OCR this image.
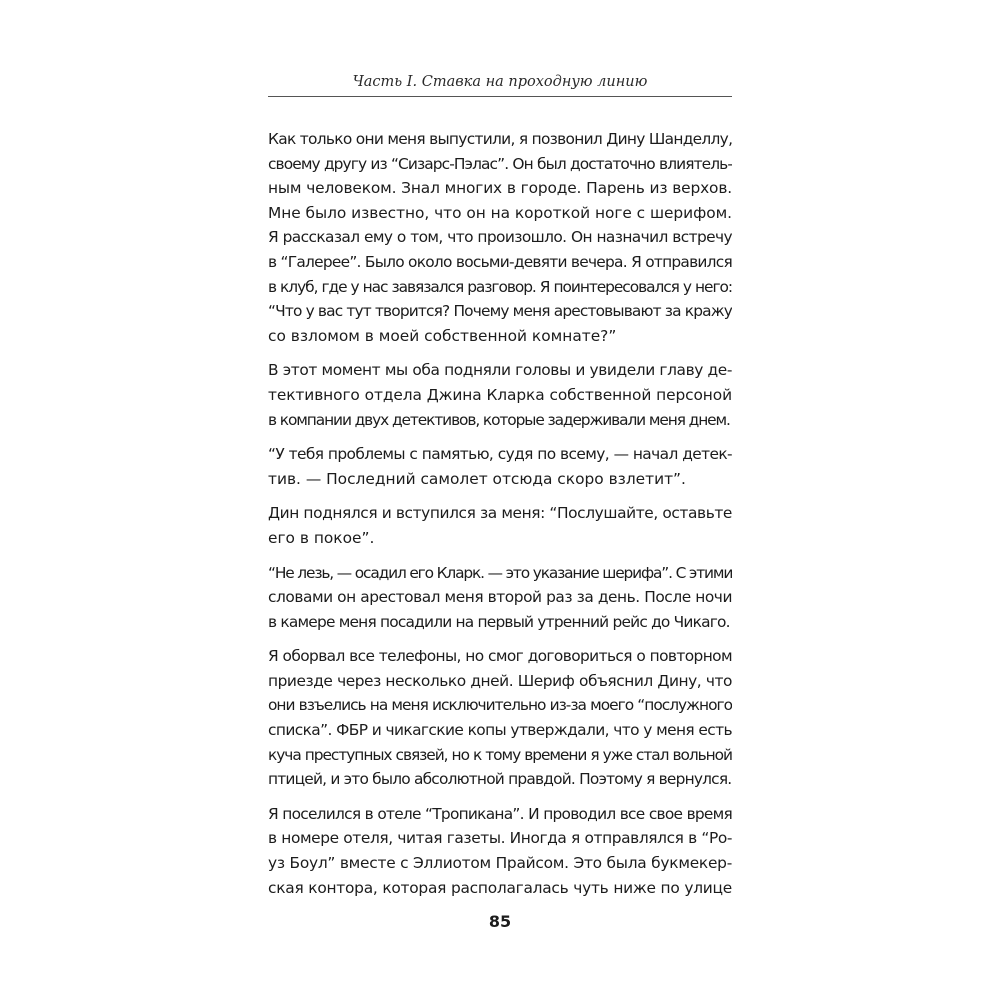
Часть I. Ставка на проходную линию
Как только они меня выпустили, я позвонил Дину Шанделлу,
своему другу из “Сизарс-Пэлас”. Он был достаточно влиятель-
ным человеком. Знал многих в городе. Парень из верхов.
Мне было известно, что он на короткой ноге с шерифом.
Я рассказал ему о том, что произошло. Он назначил встречу
в “Галерее”. Было около восьми-девяти вечера. Я отправился
в клуб, где у нас завязался разговор. Я поинтересовался у него:
“Что у вас тут творится? Почему меня арестовывают за кражу
со взломом в моей собственной комнате?”
В этот момент мы оба подняли головы и увидели главу де-
тективного отдела Джина Кларка собственной персоной
в компании двух детективов, которые задерживали меня днем.
“У тебя проблемы с памятью, судя по всему, — начал детек-
тив. — Последний самолет отсюда скоро взлетит”.
Дин поднялся и вступился за меня: “Послушайте, оставьте
его в покое”.
“Не лезь, — осадил его Кларк. — это указание шерифа”. С этими
словами он арестовал меня второй раз за день. После ночи
в камере меня посадили на первый утренний рейс до Чикаго.
Я оборвал все телефоны, но смог договориться о повторном
приезде через несколько дней. Шериф объяснил Дину, что
они взъелись на меня исключительно из-за моего “послужного
списка”. ФБР и чикагские копы утверждали, что у меня есть
куча преступных связей, но к тому времени я уже стал вольной
птицей, и это было абсолютной правдой. Поэтому я вернулся.
Я поселился в отеле “Тропикана”. И проводил все свое время
в номере отеля, читая газеты. Иногда я отправлялся в “Ро-
уз Боул” вместе с Эллиотом Прайсом. Это была букмекер-
ская контора, которая располагалась чуть ниже по улице
85
